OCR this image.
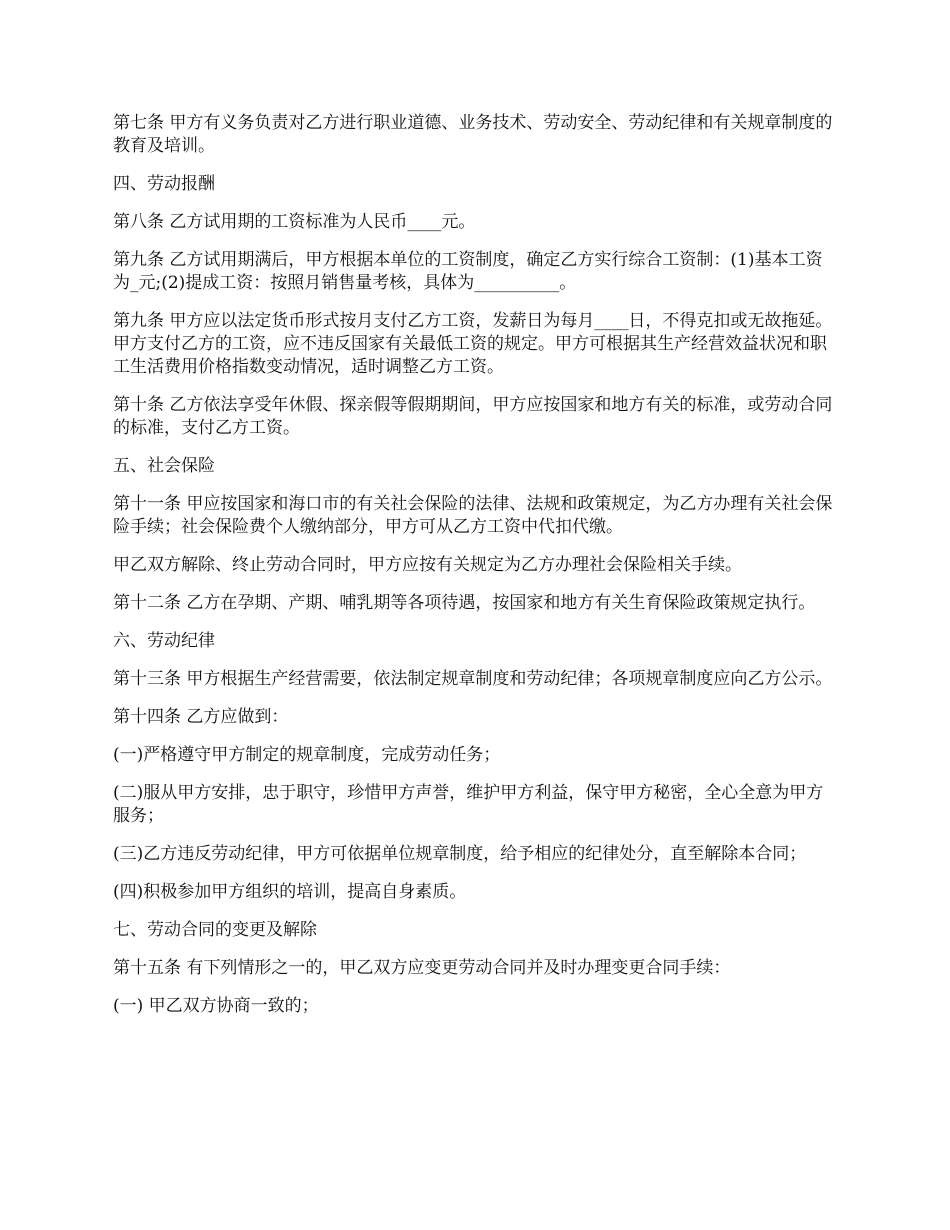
第七条 甲方有义务负责对乙方进行职业道德、业务技术、劳动安全、劳动纪律和有关规章制度的教育及培训。

四、劳动报酬

第八条 乙方试用期的工资标准为人民币____元。

第九条 乙方试用期满后，甲方根据本单位的工资制度，确定乙方实行综合工资制：(1)基本工资为_元;(2)提成工资：按照月销售量考核，具体为__________。

第九条 甲方应以法定货币形式按月支付乙方工资，发薪日为每月____日，不得克扣或无故拖延。甲方支付乙方的工资，应不违反国家有关最低工资的规定。甲方可根据其生产经营效益状况和职工生活费用价格指数变动情况，适时调整乙方工资。

第十条 乙方依法享受年休假、探亲假等假期期间，甲方应按国家和地方有关的标准，或劳动合同的标准，支付乙方工资。

五、社会保险

第十一条 甲应按国家和海口市的有关社会保险的法律、法规和政策规定，为乙方办理有关社会保险手续；社会保险费个人缴纳部分，甲方可从乙方工资中代扣代缴。

甲乙双方解除、终止劳动合同时，甲方应按有关规定为乙方办理社会保险相关手续。

第十二条 乙方在孕期、产期、哺乳期等各项待遇，按国家和地方有关生育保险政策规定执行。

六、劳动纪律

第十三条 甲方根据生产经营需要，依法制定规章制度和劳动纪律；各项规章制度应向乙方公示。

第十四条 乙方应做到：

(一)严格遵守甲方制定的规章制度，完成劳动任务；

(二)服从甲方安排，忠于职守，珍惜甲方声誉，维护甲方利益，保守甲方秘密，全心全意为甲方服务；

(三)乙方违反劳动纪律，甲方可依据单位规章制度，给予相应的纪律处分，直至解除本合同；

(四)积极参加甲方组织的培训，提高自身素质。

七、劳动合同的变更及解除

第十五条 有下列情形之一的，甲乙双方应变更劳动合同并及时办理变更合同手续：

(一) 甲乙双方协商一致的；
